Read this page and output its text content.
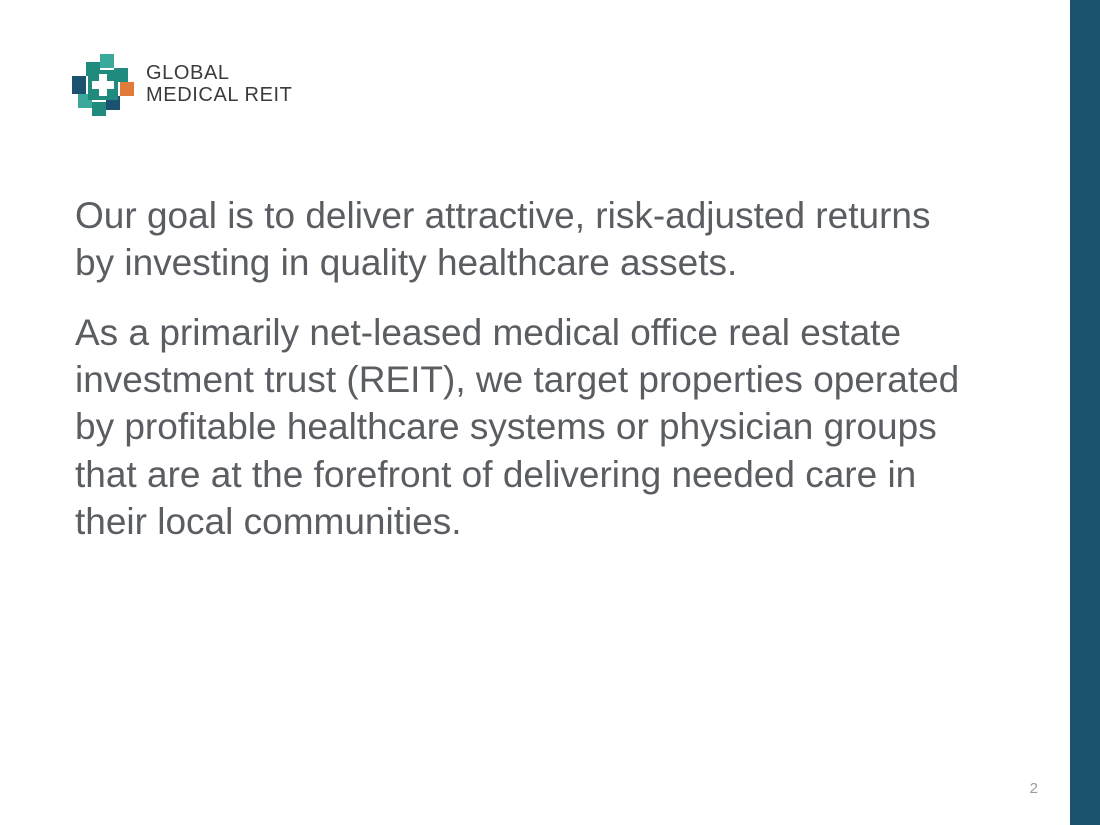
GLOBAL
MEDICAL REIT

Our goal is to deliver attractive, risk-adjusted returns by investing in quality healthcare assets.

As a primarily net-leased medical office real estate investment trust (REIT), we target properties operated by profitable healthcare systems or physician groups that are at the forefront of delivering needed care in their local communities.

2
